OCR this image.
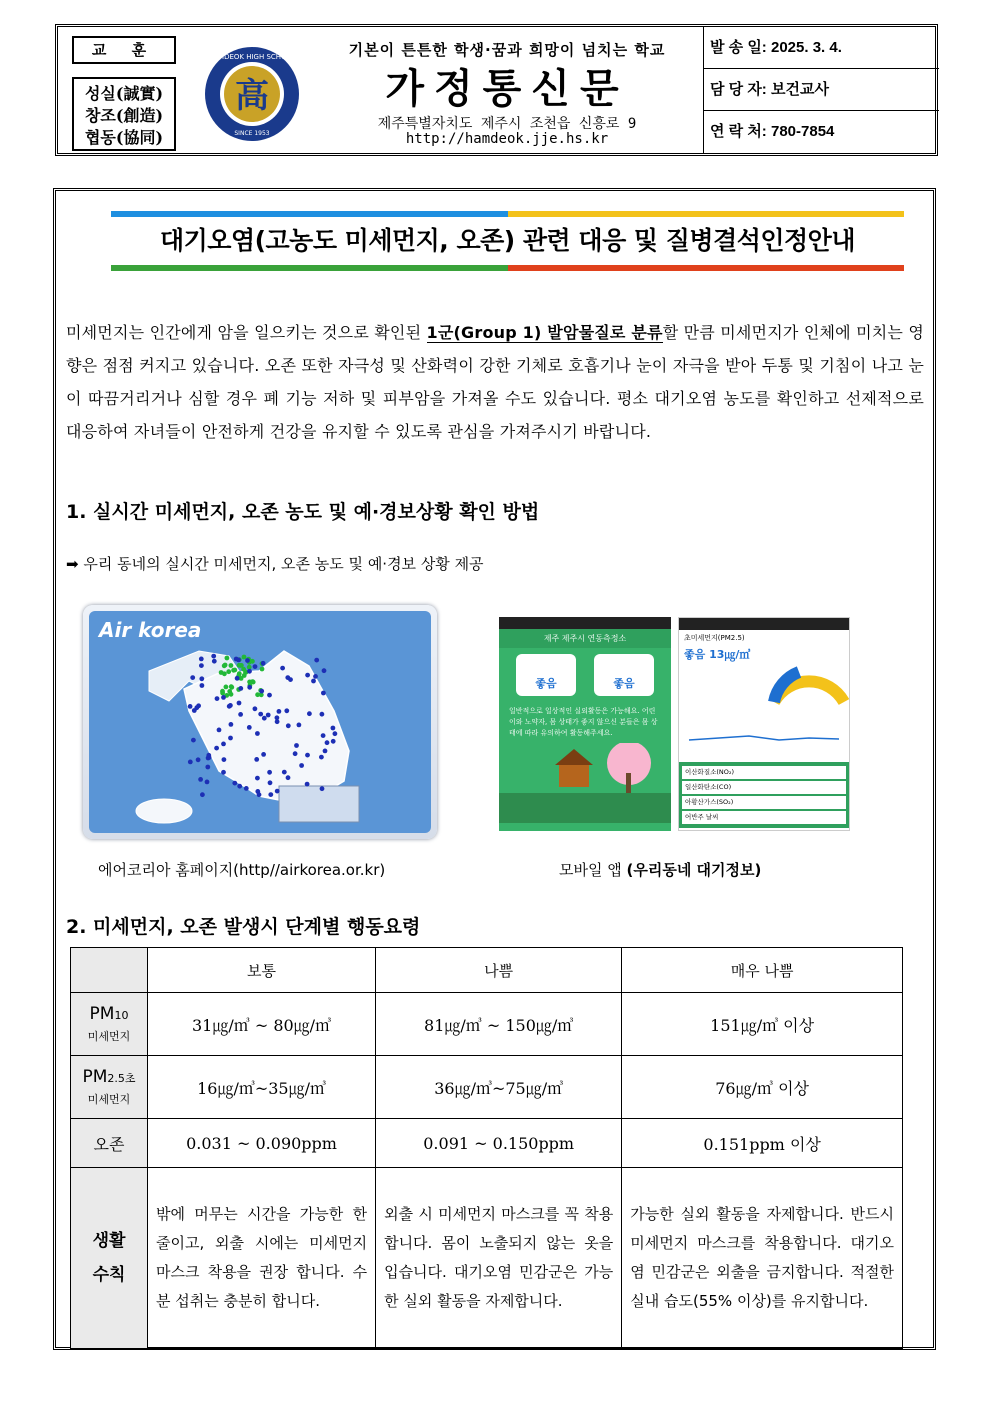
교 훈
성실(誠實)
창조(創造)
협동(協同)
高
HAMDEOK HIGH SCHOOL
SINCE 1953
기본이 튼튼한 학생·꿈과 희망이 넘치는 학교
가정통신문
제주특별자치도 제주시 조천읍 신흥로 9
http://hamdeok.jje.hs.kr
발 송 일: 2025. 3. 4.
담 당 자: 보건교사
연 락 처: 780-7854
대기오염(고농도 미세먼지, 오존) 관련 대응 및 질병결석인정안내
미세먼지는 인간에게 암을 일으키는 것으로 확인된 1군(Group 1) 발암물질로 분류할 만큼 미세먼지가 인체에 미치는 영향은 점점 커지고 있습니다. 오존 또한 자극성 및 산화력이 강한 기체로 호흡기나 눈이 자극을 받아 두통 및 기침이 나고 눈이 따끔거리거나 심할 경우 폐 기능 저하 및 피부암을 가져올 수도 있습니다. 평소 대기오염 농도를 확인하고 선제적으로 대응하여 자녀들이 안전하게 건강을 유지할 수 있도록 관심을 가져주시기 바랍니다.
1. 실시간 미세먼지, 오존 농도 및 예·경보상황 확인 방법
➡ 우리 동네의 실시간 미세먼지, 오존 농도 및 예·경보 상황 제공
Air korea
에어코리아 홈페이지(http//airkorea.or.kr)
제주 제주시 연동측정소
좋음	좋음
일반적으로 일상적인 실외활동은 가능해요. 어린이와 노약자, 몸 상태가 좋지 않으신 분들은 몸 상태에 따라 유의하여 활동해주세요.
초미세먼지(PM2.5)
좋음 13㎍/㎥
이산화질소(NO₂)
일산화탄소(CO)
아황산가스(SO₂)
어반주 날씨
모바일 앱 (우리동네 대기정보)
2. 미세먼지, 오존 발생시 단계별 행동요령
	보통	나쁨	매우 나쁨
PM10
미세먼지	31㎍/㎥ ~ 80㎍/㎥	81㎍/㎥ ~ 150㎍/㎥	151㎍/㎥ 이상
PM2.5초
미세먼지	16㎍/㎥~35㎍/㎥	36㎍/㎥~75㎍/㎥	76㎍/㎥ 이상
오존	0.031 ~ 0.090ppm	0.091 ~ 0.150ppm	0.151ppm 이상
생활
수칙	밖에 머무는 시간을 가능한 한 줄이고, 외출 시에는 미세먼지 마스크 착용을 권장 합니다. 수분 섭취는 충분히 합니다.	외출 시 미세먼지 마스크를 꼭 착용합니다. 몸이 노출되지 않는 옷을 입습니다. 대기오염 민감군은 가능한 실외 활동을 자제합니다.	가능한 실외 활동을 자제합니다. 반드시 미세먼지 마스크를 착용합니다. 대기오염 민감군은 외출을 금지합니다. 적절한 실내 습도(55% 이상)를 유지합니다.
